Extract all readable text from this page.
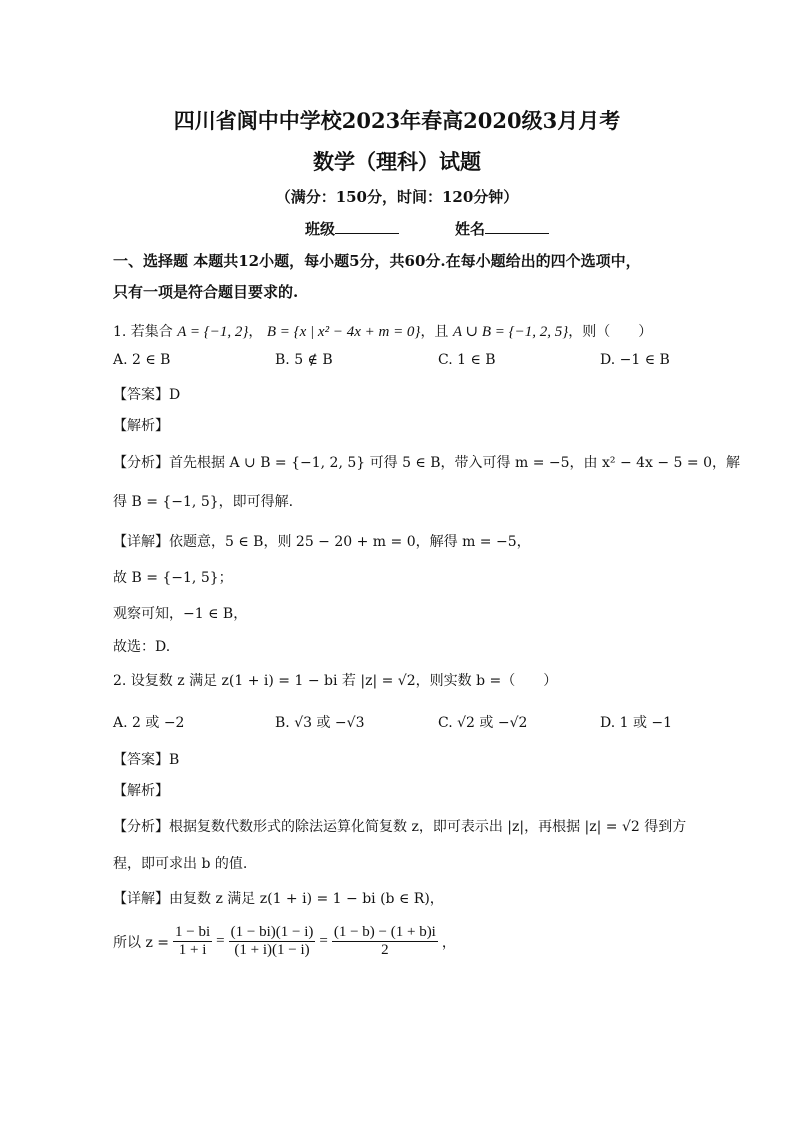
四川省阆中中学校2023年春高2020级3月月考
数学（理科）试题
（满分：150分，时间：120分钟）
班级	姓名
一、选择题 本题共12小题，每小题5分，共60分.在每小题给出的四个选项中，
只有一项是符合题目要求的.
1. 若集合 A = {−1, 2}， B = {x | x² − 4x + m = 0}，且 A ∪ B = {−1, 2, 5}，则（　　）
A. 2 ∈ B	B. 5 ∉ B	C. 1 ∈ B	D. −1 ∈ B
【答案】D
【解析】
【分析】首先根据 A ∪ B = {−1, 2, 5} 可得 5 ∈ B，带入可得 m = −5，由 x² − 4x − 5 = 0，解
得 B = {−1, 5}，即可得解.
【详解】依题意，5 ∈ B，则 25 − 20 + m = 0，解得 m = −5，
故 B = {−1, 5}；
观察可知，−1 ∈ B，
故选：D.
2. 设复数 z 满足 z(1 + i) = 1 − bi 若 |z| = √2，则实数 b =（　　）
A. 2 或 −2	B. √3 或 −√3	C. √2 或 −√2	D. 1 或 −1
【答案】B
【解析】
【分析】根据复数代数形式的除法运算化简复数 z，即可表示出 |z|，再根据 |z| = √2 得到方
程，即可求出 b 的值.
【详解】由复数 z 满足 z(1 + i) = 1 − bi (b ∈ R)，
所以 $z = \frac{1 - bi}{1 + i} = \frac{(1 - bi)(1 - i)}{(1 + i)(1 - i)} = \frac{(1 - b) - (1 + b)i}{2}$ ，
